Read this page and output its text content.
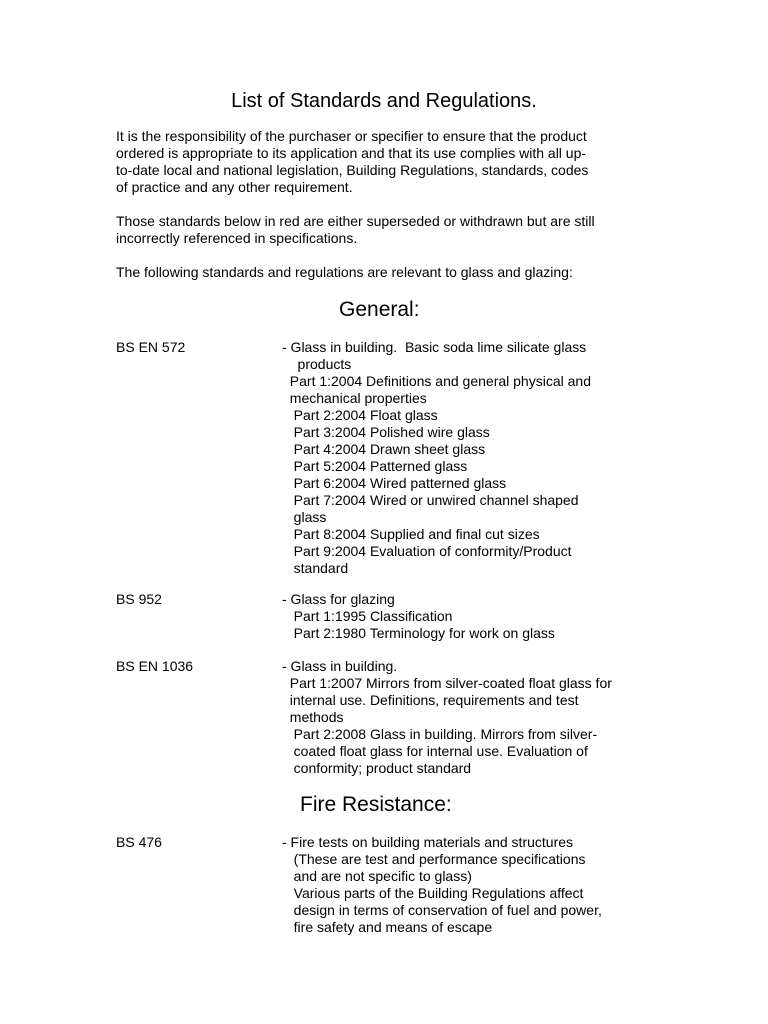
List of Standards and Regulations.
It is the responsibility of the purchaser or specifier to ensure that the product
ordered is appropriate to its application and that its use complies with all up-
to-date local and national legislation, Building Regulations, standards, codes
of practice and any other requirement.
Those standards below in red are either superseded or withdrawn but are still
incorrectly referenced in specifications.
The following standards and regulations are relevant to glass and glazing:
General:
BS EN 572	- Glass in building.  Basic soda lime silicate glass
products
Part 1:2004 Definitions and general physical and
mechanical properties
Part 2:2004 Float glass
Part 3:2004 Polished wire glass
Part 4:2004 Drawn sheet glass
Part 5:2004 Patterned glass
Part 6:2004 Wired patterned glass
Part 7:2004 Wired or unwired channel shaped
glass
Part 8:2004 Supplied and final cut sizes
Part 9:2004 Evaluation of conformity/Product
standard
BS 952	- Glass for glazing
Part 1:1995 Classification
Part 2:1980 Terminology for work on glass
BS EN 1036	- Glass in building.
Part 1:2007 Mirrors from silver-coated float glass for
internal use. Definitions, requirements and test
methods
Part 2:2008 Glass in building. Mirrors from silver-
coated float glass for internal use. Evaluation of
conformity; product standard
Fire Resistance:
BS 476	- Fire tests on building materials and structures
(These are test and performance specifications
and are not specific to glass)
Various parts of the Building Regulations affect
design in terms of conservation of fuel and power,
fire safety and means of escape
